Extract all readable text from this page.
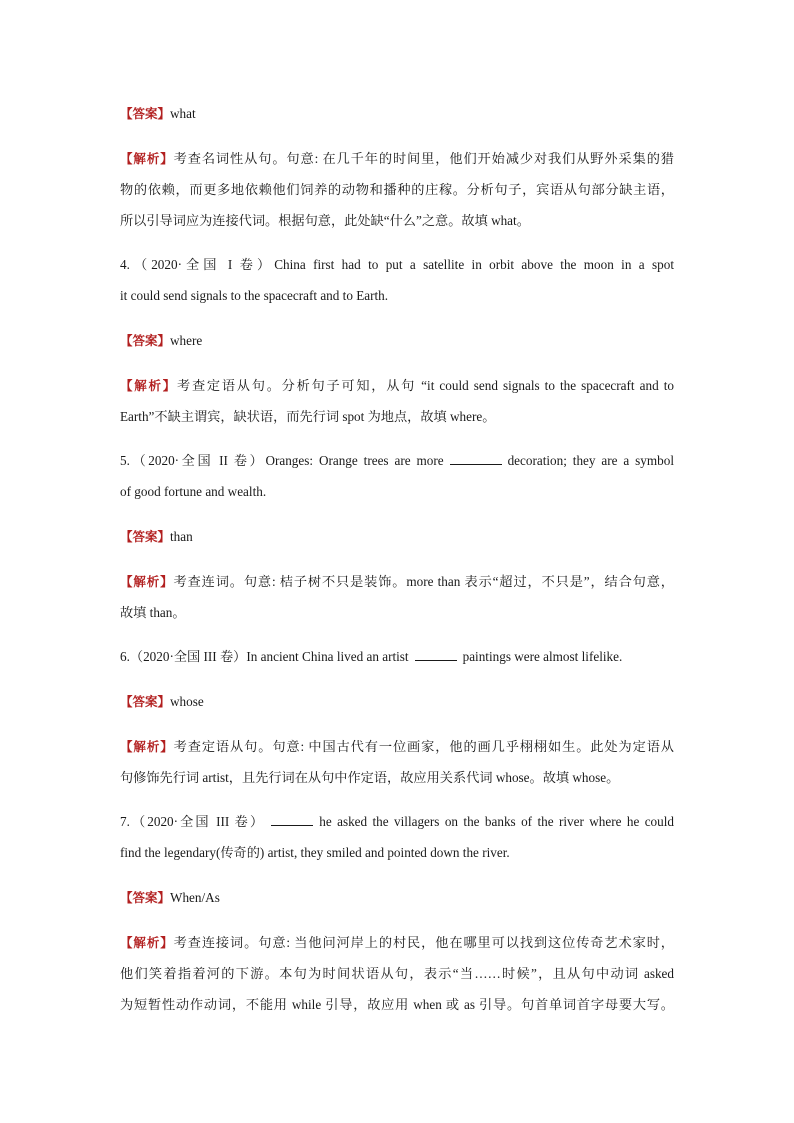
【答案】what
【解析】考查名词性从句。句意: 在几千年的时间里，他们开始减少对我们从野外采集的猎
物的依赖，而更多地依赖他们饲养的动物和播种的庄稼。分析句子，宾语从句部分缺主语，
所以引导词应为连接代词。根据句意，此处缺“什么”之意。故填 what。
4.（2020·全国 I 卷）China first had to put a satellite in orbit above the moon in a spot
it could send signals to the spacecraft and to Earth.
【答案】where
【解析】考查定语从句。分析句子可知，从句 “it could send signals to the spacecraft and to
Earth”不缺主谓宾，缺状语，而先行词 spot 为地点，故填 where。
5.（2020·全国 II 卷）Oranges: Orange trees are more	decoration; they are a symbol
of good fortune and wealth.
【答案】than
【解析】考查连词。句意: 桔子树不只是装饰。more than 表示“超过，不只是”，结合句意，
故填 than。
6.（2020·全国 III 卷）In ancient China lived an artist	paintings were almost lifelike.
【答案】whose
【解析】考查定语从句。句意: 中国古代有一位画家，他的画几乎栩栩如生。此处为定语从
句修饰先行词 artist，且先行词在从句中作定语，故应用关系代词 whose。故填 whose。
7.（2020·全国 III 卷）	he asked the villagers on the banks of the river where he could
find the legendary(传奇的) artist, they smiled and pointed down the river.
【答案】When/As
【解析】考查连接词。句意: 当他问河岸上的村民，他在哪里可以找到这位传奇艺术家时，
他们笑着指着河的下游。本句为时间状语从句，表示“当……时候”，且从句中动词 asked
为短暂性动作动词，不能用 while 引导，故应用 when 或 as 引导。句首单词首字母要大写。
